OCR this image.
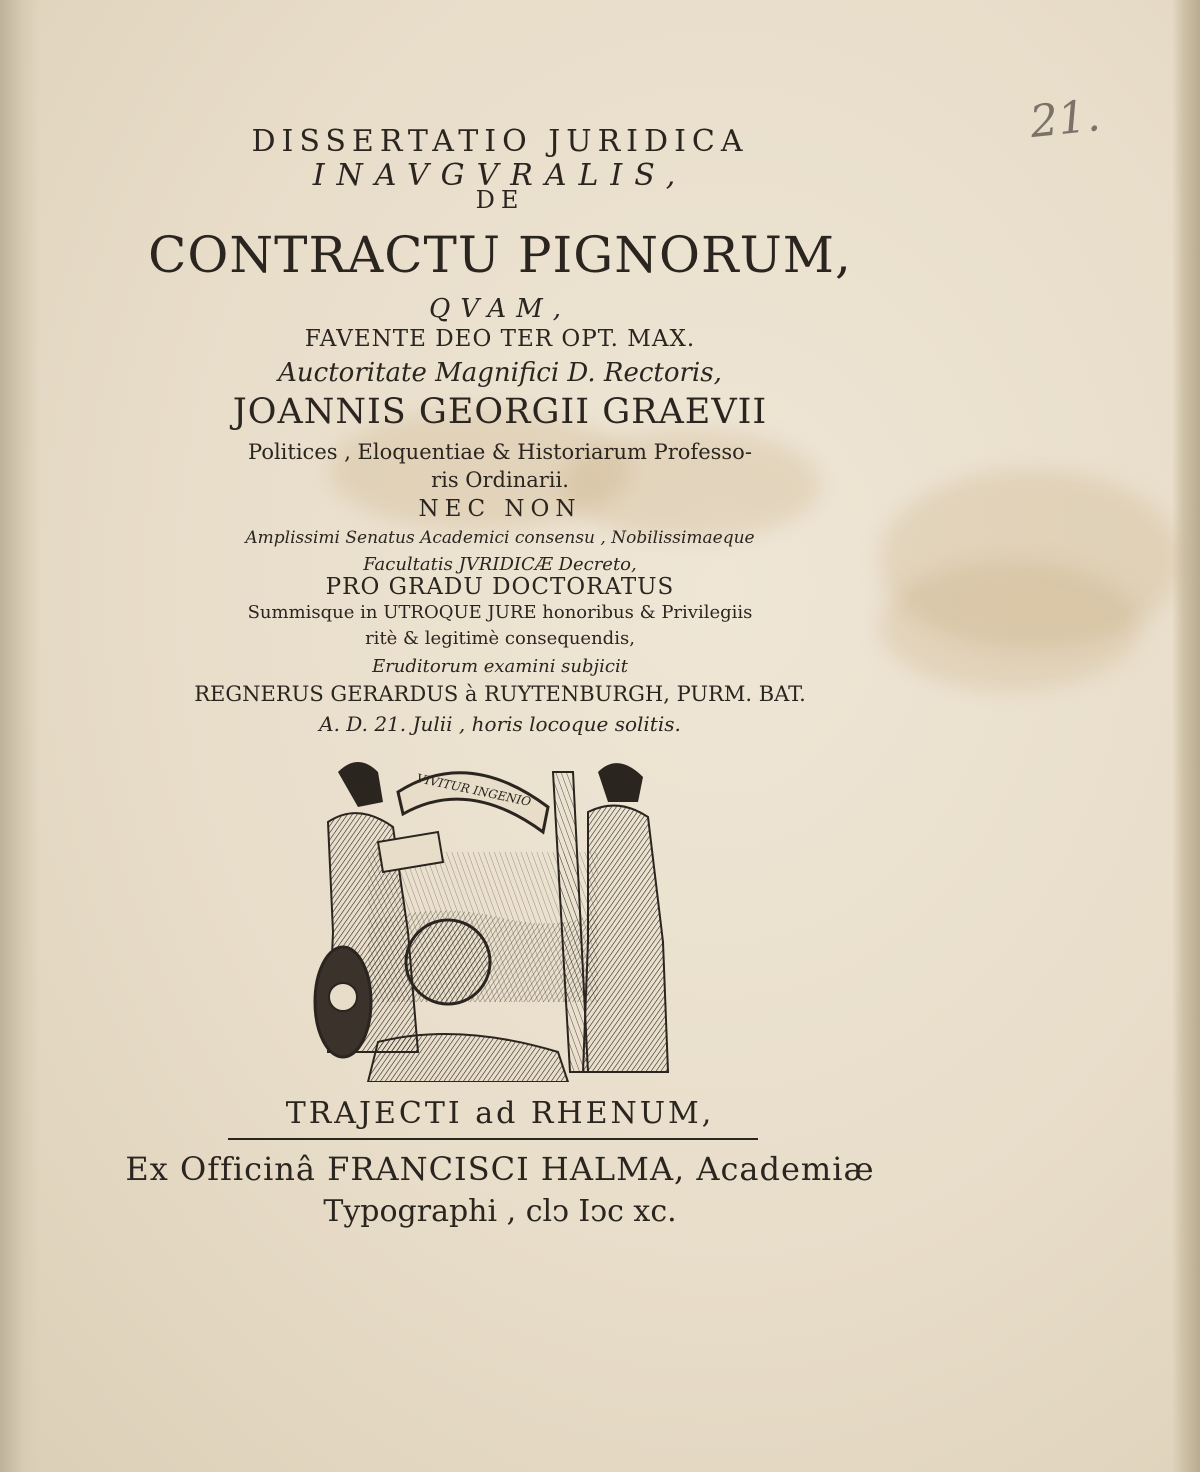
21.
DISSERTATIO JURIDICA
INAVGVRALIS,
DE
CONTRACTU PIGNORUM,
QVAM,
FAVENTE DEO TER OPT. MAX.
Auctoritate Magnifici D. Rectoris,
JOANNIS GEORGII GRAEVII
Politices , Eloquentiae & Historiarum Professo-
ris Ordinarii.
NEC NON
Amplissimi Senatus Academici consensu , Nobilissimaeque
Facultatis JVRIDICÆ Decreto,
PRO GRADU DOCTORATUS
Summisque in UTROQUE JURE honoribus & Privilegiis
ritè & legitimè consequendis,
Eruditorum examini subjicit
REGNERUS GERARDUS à RUYTENBURGH, PURM. BAT.
A. D. 21. Julii , horis locoque solitis.
VIVITUR INGENIO
TRAJECTI ad RHENUM,
Ex Officinâ FRANCISCI HALMA, Academiæ
Typographi , clↄ Iↄc xc.
